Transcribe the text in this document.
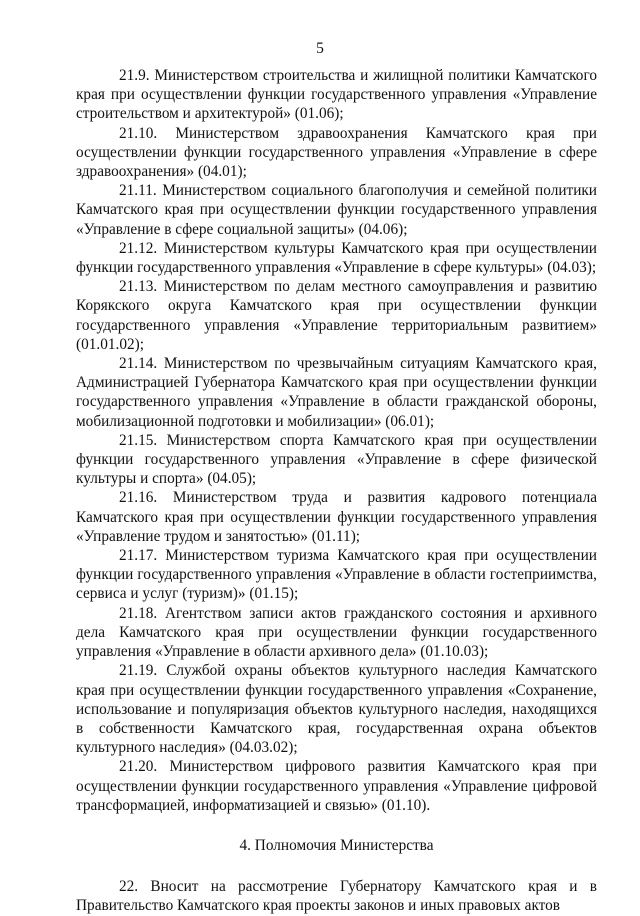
5

21.9. Министерством строительства и жилищной политики Камчатского края при осуществлении функции государственного управления «Управление строительством и архитектурой» (01.06);

21.10. Министерством здравоохранения Камчатского края при осуществлении функции государственного управления «Управление в сфере здравоохранения» (04.01);

21.11. Министерством социального благополучия и семейной политики Камчатского края при осуществлении функции государственного управления «Управление в сфере социальной защиты» (04.06);

21.12. Министерством культуры Камчатского края при осуществлении функции государственного управления «Управление в сфере культуры» (04.03);

21.13. Министерством по делам местного самоуправления и развитию Корякского округа Камчатского края при осуществлении функции государственного управления «Управление территориальным развитием» (01.01.02);

21.14. Министерством по чрезвычайным ситуациям Камчатского края, Администрацией Губернатора Камчатского края при осуществлении функции государственного управления «Управление в области гражданской обороны, мобилизационной подготовки и мобилизации» (06.01);

21.15. Министерством спорта Камчатского края при осуществлении функции государственного управления «Управление в сфере физической культуры и спорта» (04.05);

21.16. Министерством труда и развития кадрового потенциала Камчатского края при осуществлении функции государственного управления «Управление трудом и занятостью» (01.11);

21.17. Министерством туризма Камчатского края при осуществлении функции государственного управления «Управление в области гостеприимства, сервиса и услуг (туризм)» (01.15);

21.18. Агентством записи актов гражданского состояния и архивного дела Камчатского края при осуществлении функции государственного управления «Управление в области архивного дела» (01.10.03);

21.19. Службой охраны объектов культурного наследия Камчатского края при осуществлении функции государственного управления «Сохранение, использование и популяризация объектов культурного наследия, находящихся в собственности Камчатского края, государственная охрана объектов культурного наследия» (04.03.02);

21.20. Министерством цифрового развития Камчатского края при осуществлении функции государственного управления «Управление цифровой трансформацией, информатизацией и связью» (01.10).

4. Полномочия Министерства

22. Вносит на рассмотрение Губернатору Камчатского края и в Правительство Камчатского края проекты законов и иных правовых актов
